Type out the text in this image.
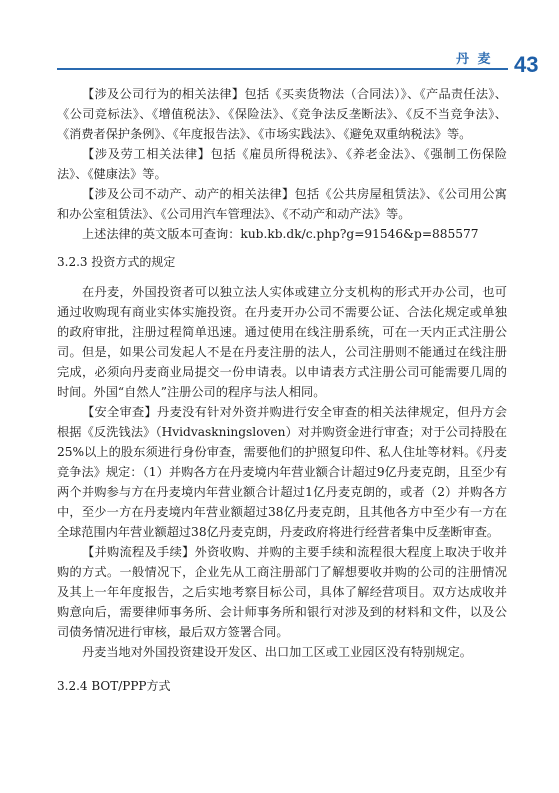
丹 麦 43

【涉及公司行为的相关法律】包括《买卖货物法（合同法）》、《产品责任法》、《公司竞标法》、《增值税法》、《保险法》、《竞争法反垄断法》、《反不当竞争法》、《消费者保护条例》、《年度报告法》、《市场实践法》、《避免双重纳税法》等。

【涉及劳工相关法律】包括《雇员所得税法》、《养老金法》、《强制工伤保险法》、《健康法》等。

【涉及公司不动产、动产的相关法律】包括《公共房屋租赁法》、《公司用公寓和办公室租赁法》、《公司用汽车管理法》、《不动产和动产法》等。

上述法律的英文版本可查询：kub.kb.dk/c.php?g=91546&p=885577

3.2.3 投资方式的规定

在丹麦，外国投资者可以独立法人实体或建立分支机构的形式开办公司，也可通过收购现有商业实体实施投资。在丹麦开办公司不需要公证、合法化规定或单独的政府审批，注册过程简单迅速。通过使用在线注册系统，可在一天内正式注册公司。但是，如果公司发起人不是在丹麦注册的法人，公司注册则不能通过在线注册完成，必须向丹麦商业局提交一份申请表。以申请表方式注册公司可能需要几周的时间。外国“自然人”注册公司的程序与法人相同。

【安全审查】丹麦没有针对外资并购进行安全审查的相关法律规定，但丹方会根据《反洗钱法》（Hvidvaskningsloven）对并购资金进行审查；对于公司持股在25%以上的股东须进行身份审查，需要他们的护照复印件、私人住址等材料。《丹麦竞争法》规定：（1）并购各方在丹麦境内年营业额合计超过9亿丹麦克朗，且至少有两个并购参与方在丹麦境内年营业额合计超过1亿丹麦克朗的，或者（2）并购各方中，至少一方在丹麦境内年营业额超过38亿丹麦克朗，且其他各方中至少有一方在全球范围内年营业额超过38亿丹麦克朗，丹麦政府将进行经营者集中反垄断审查。

【并购流程及手续】外资收购、并购的主要手续和流程很大程度上取决于收并购的方式。一般情况下，企业先从工商注册部门了解想要收并购的公司的注册情况及其上一年年度报告，之后实地考察目标公司，具体了解经营项目。双方达成收并购意向后，需要律师事务所、会计师事务所和银行对涉及到的材料和文件，以及公司债务情况进行审核，最后双方签署合同。

丹麦当地对外国投资建设开发区、出口加工区或工业园区没有特别规定。

3.2.4 BOT/PPP方式
